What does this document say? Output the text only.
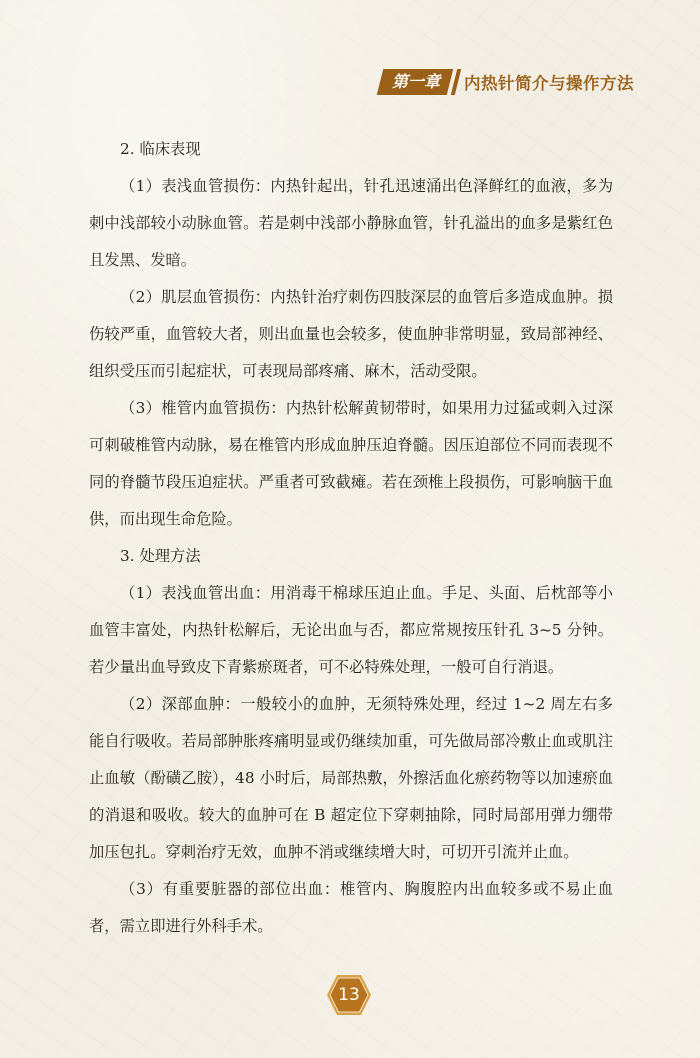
第一章	内热针简介与操作方法

2. 临床表现

（1）表浅血管损伤：内热针起出，针孔迅速涌出色泽鲜红的血液，多为刺中浅部较小动脉血管。若是刺中浅部小静脉血管，针孔溢出的血多是紫红色且发黑、发暗。

（2）肌层血管损伤：内热针治疗刺伤四肢深层的血管后多造成血肿。损伤较严重，血管较大者，则出血量也会较多，使血肿非常明显，致局部神经、组织受压而引起症状，可表现局部疼痛、麻木，活动受限。

（3）椎管内血管损伤：内热针松解黄韧带时，如果用力过猛或刺入过深可刺破椎管内动脉，易在椎管内形成血肿压迫脊髓。因压迫部位不同而表现不同的脊髓节段压迫症状。严重者可致截瘫。若在颈椎上段损伤，可影响脑干血供，而出现生命危险。

3. 处理方法

（1）表浅血管出血：用消毒干棉球压迫止血。手足、头面、后枕部等小血管丰富处，内热针松解后，无论出血与否，都应常规按压针孔 3~5 分钟。若少量出血导致皮下青紫瘀斑者，可不必特殊处理，一般可自行消退。

（2）深部血肿：一般较小的血肿，无须特殊处理，经过 1~2 周左右多能自行吸收。若局部肿胀疼痛明显或仍继续加重，可先做局部冷敷止血或肌注止血敏（酚磺乙胺），48 小时后，局部热敷，外擦活血化瘀药物等以加速瘀血的消退和吸收。较大的血肿可在 B 超定位下穿刺抽除，同时局部用弹力绷带加压包扎。穿刺治疗无效，血肿不消或继续增大时，可切开引流并止血。

（3）有重要脏器的部位出血：椎管内、胸腹腔内出血较多或不易止血者，需立即进行外科手术。

13
